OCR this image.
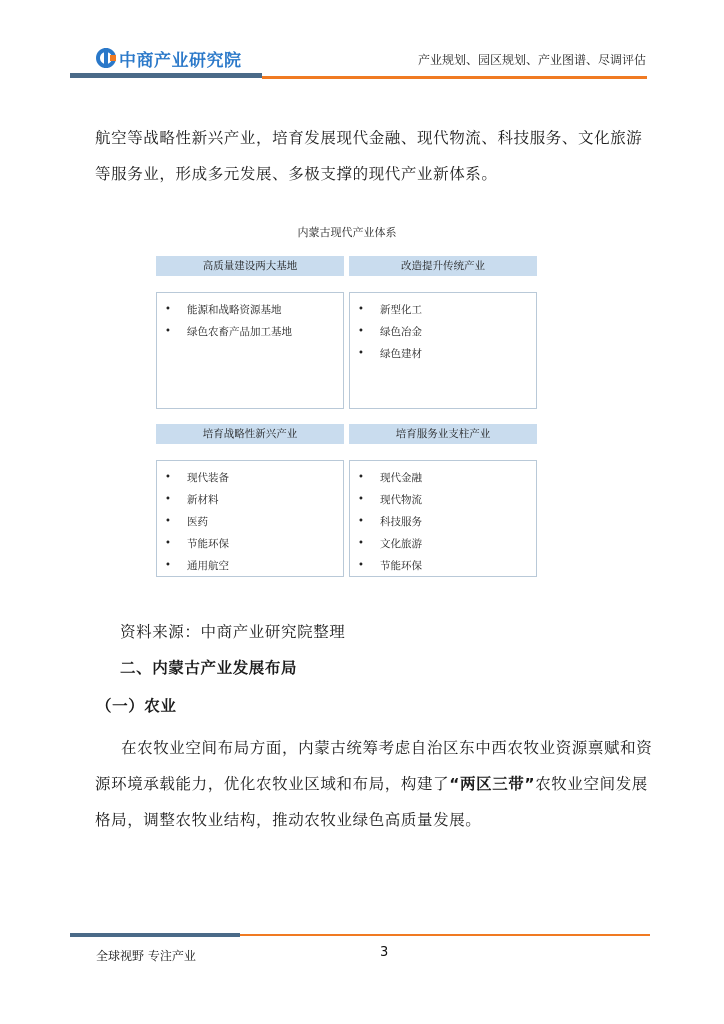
中商产业研究院	产业规划、园区规划、产业图谱、尽调评估
航空等战略性新兴产业，培育发展现代金融、现代物流、科技服务、文化旅游等服务业，形成多元发展、多极支撑的现代产业新体系。
内蒙古现代产业体系
高质量建设两大基地
• 能源和战略资源基地
• 绿色农畜产品加工基地
改造提升传统产业
• 新型化工
• 绿色冶金
• 绿色建材
培育战略性新兴产业
• 现代装备
• 新材料
• 医药
• 节能环保
• 通用航空
培育服务业支柱产业
• 现代金融
• 现代物流
• 科技服务
• 文化旅游
• 节能环保
资料来源：中商产业研究院整理
二、内蒙古产业发展布局
（一）农业
在农牧业空间布局方面，内蒙古统筹考虑自治区东中西农牧业资源禀赋和资源环境承载能力，优化农牧业区域和布局，构建了“两区三带”农牧业空间发展格局，调整农牧业结构，推动农牧业绿色高质量发展。
全球视野 专注产业	3
